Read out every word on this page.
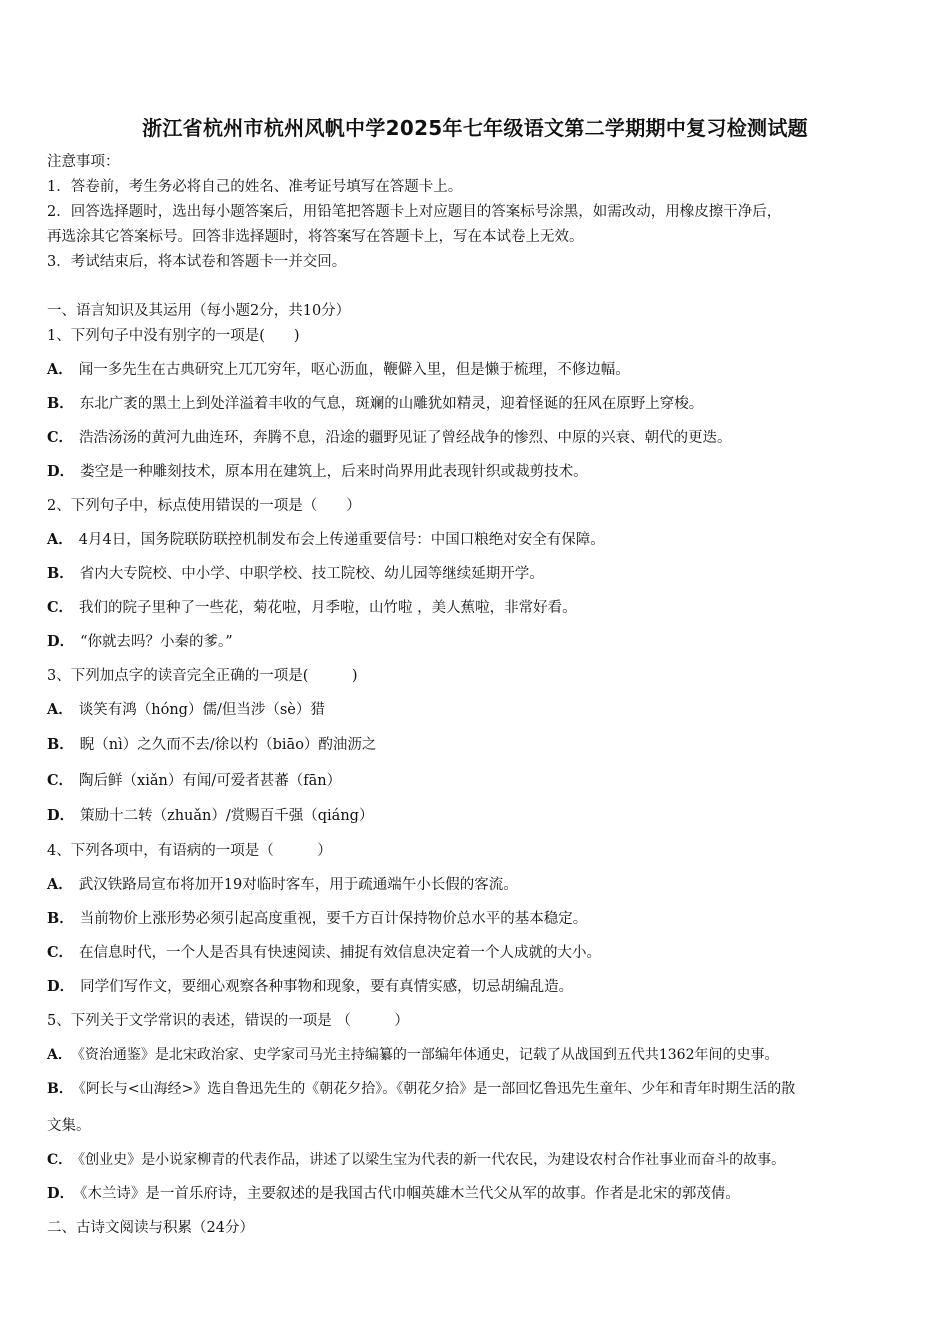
浙江省杭州市杭州风帆中学2025年七年级语文第二学期期中复习检测试题
注意事项：
1．答卷前，考生务必将自己的姓名、准考证号填写在答题卡上。
2．回答选择题时，选出每小题答案后，用铅笔把答题卡上对应题目的答案标号涂黑，如需改动，用橡皮擦干净后，
再选涂其它答案标号。回答非选择题时，将答案写在答题卡上，写在本试卷上无效。
3．考试结束后，将本试卷和答题卡一并交回。
一、语言知识及其运用（每小题2分，共10分）
1、下列句子中没有别字的一项是(　　)
A． 闻一多先生在古典研究上兀兀穷年，呕心沥血，鞭僻入里，但是懒于梳理，不修边幅。
B． 东北广袤的黑土上到处洋溢着丰收的气息，斑斓的山雕犹如精灵，迎着怪诞的狂风在原野上穿梭。
C． 浩浩汤汤的黄河九曲连环，奔腾不息，沿途的疆野见证了曾经战争的惨烈、中原的兴衰、朝代的更迭。
D． 娄空是一种雕刻技术，原本用在建筑上，后来时尚界用此表现针织或裁剪技术。
2、下列句子中，标点使用错误的一项是（　　）
A． 4月4日，国务院联防联控机制发布会上传递重要信号：中国口粮绝对安全有保障。
B． 省内大专院校、中小学、中职学校、技工院校、幼儿园等继续延期开学。
C． 我们的院子里种了一些花，菊花啦，月季啦，山竹啦 ，美人蕉啦，非常好看。
D． “你就去吗？小秦的爹。”
3、下列加点字的读音完全正确的一项是(　　　)
A． 谈笑有鸿（hóng）儒/但当涉（sè）猎
B． 睨（nì）之久而不去/徐以杓（biāo）酌油沥之
C． 陶后鲜（xiǎn）有闻/可爱者甚蕃（fān）
D． 策励十二转（zhuǎn）/赏赐百千强（qiáng）
4、下列各项中，有语病的一项是（　　　）
A． 武汉铁路局宣布将加开19对临时客车，用于疏通端午小长假的客流。
B． 当前物价上涨形势必须引起高度重视，要千方百计保持物价总水平的基本稳定。
C． 在信息时代，一个人是否具有快速阅读、捕捉有效信息决定着一个人成就的大小。
D． 同学们写作文，要细心观察各种事物和现象，要有真情实感，切忌胡编乱造。
5、下列关于文学常识的表述，错误的一项是 （　　　）
A． 《资治通鉴》是北宋政治家、史学家司马光主持编纂的一部编年体通史，记载了从战国到五代共1362年间的史事。
B． 《阿长与<山海经>》选自鲁迅先生的《朝花夕拾》。《朝花夕拾》是一部回忆鲁迅先生童年、少年和青年时期生活的散
文集。
C． 《创业史》是小说家柳青的代表作品，讲述了以梁生宝为代表的新一代农民，为建设农村合作社事业而奋斗的故事。
D． 《木兰诗》是一首乐府诗，主要叙述的是我国古代巾帼英雄木兰代父从军的故事。作者是北宋的郭茂倩。
二、古诗文阅读与积累（24分）
